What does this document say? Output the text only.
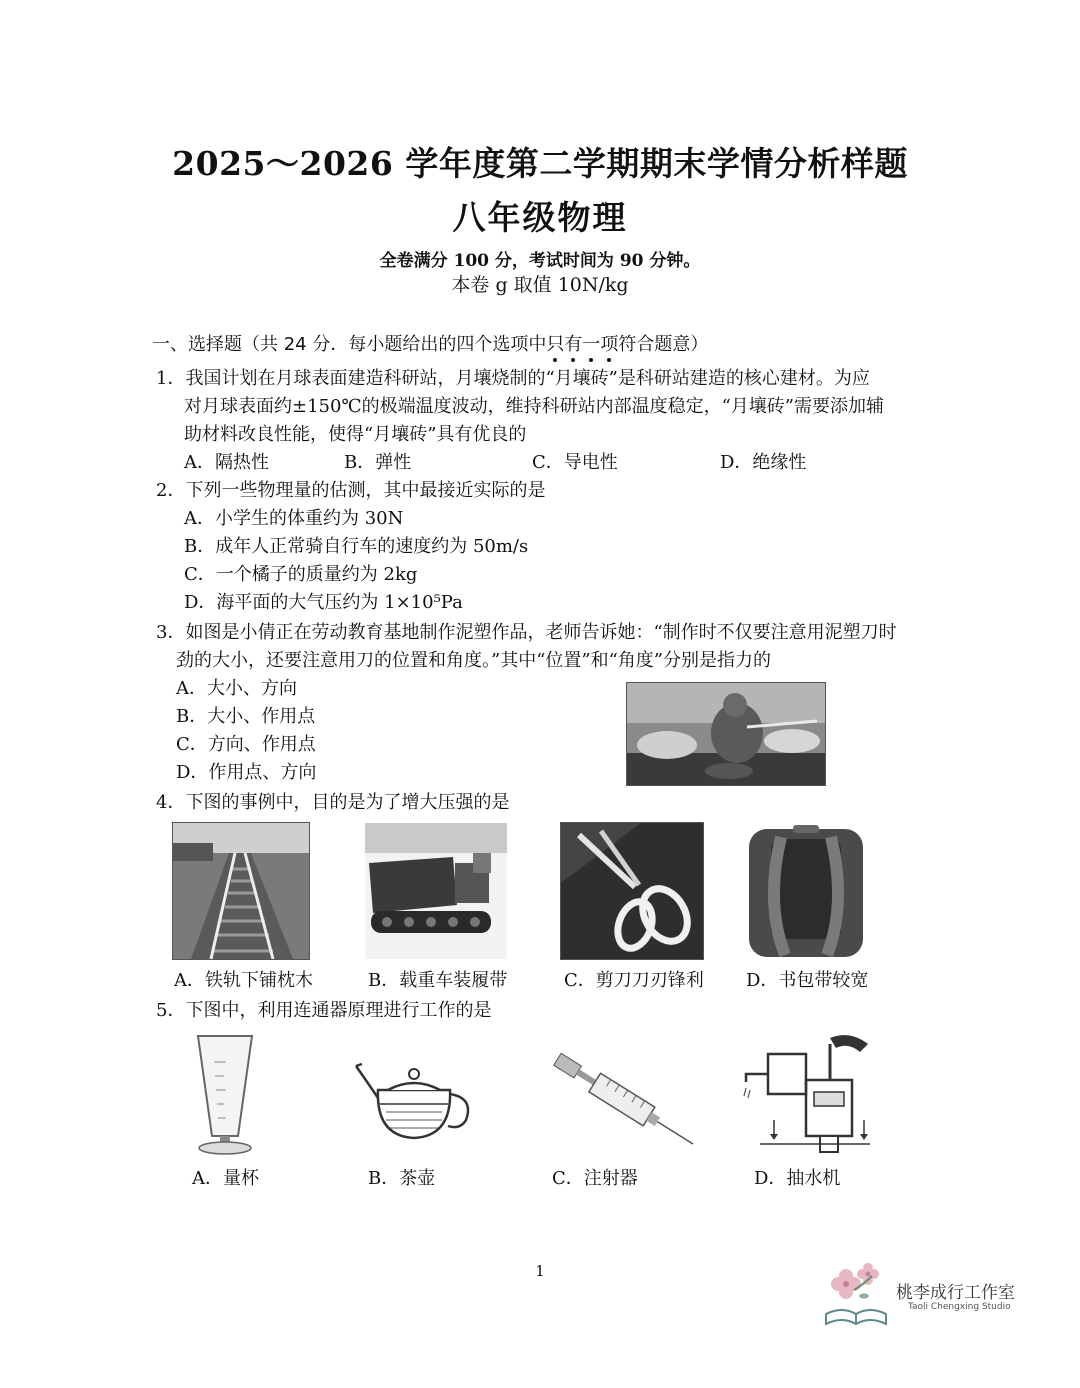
2025～2026 学年度第二学期期末学情分析样题
八年级物理
全卷满分 100 分，考试时间为 90 分钟。
本卷 g 取值 10N/kg
一、选择题（共 24 分．每小题给出的四个选项中只有一项符合题意）
1．我国计划在月球表面建造科研站，月壤烧制的“月壤砖”是科研站建造的核心建材。为应
对月球表面约±150℃的极端温度波动，维持科研站内部温度稳定，“月壤砖”需要添加辅
助材料改良性能，使得“月壤砖”具有优良的
A．隔热性	B．弹性	C．导电性	D．绝缘性
2．下列一些物理量的估测，其中最接近实际的是
A．小学生的体重约为 30N
B．成年人正常骑自行车的速度约为 50m/s
C．一个橘子的质量约为 2kg
D．海平面的大气压约为 1×10⁵Pa
3．如图是小倩正在劳动教育基地制作泥塑作品，老师告诉她：“制作时不仅要注意用泥塑刀时
劲的大小，还要注意用刀的位置和角度。”其中“位置”和“角度”分别是指力的
A．大小、方向
B．大小、作用点
C．方向、作用点
D．作用点、方向
4．下图的事例中，目的是为了增大压强的是
A．铁轨下铺枕木	B．载重车装履带	C．剪刀刀刃锋利 D．书包带较宽
5．下图中，利用连通器原理进行工作的是
A．量杯	B．茶壶	C．注射器	D．抽水机
1
桃李成行工作室
Taoli Chengxing Studio
